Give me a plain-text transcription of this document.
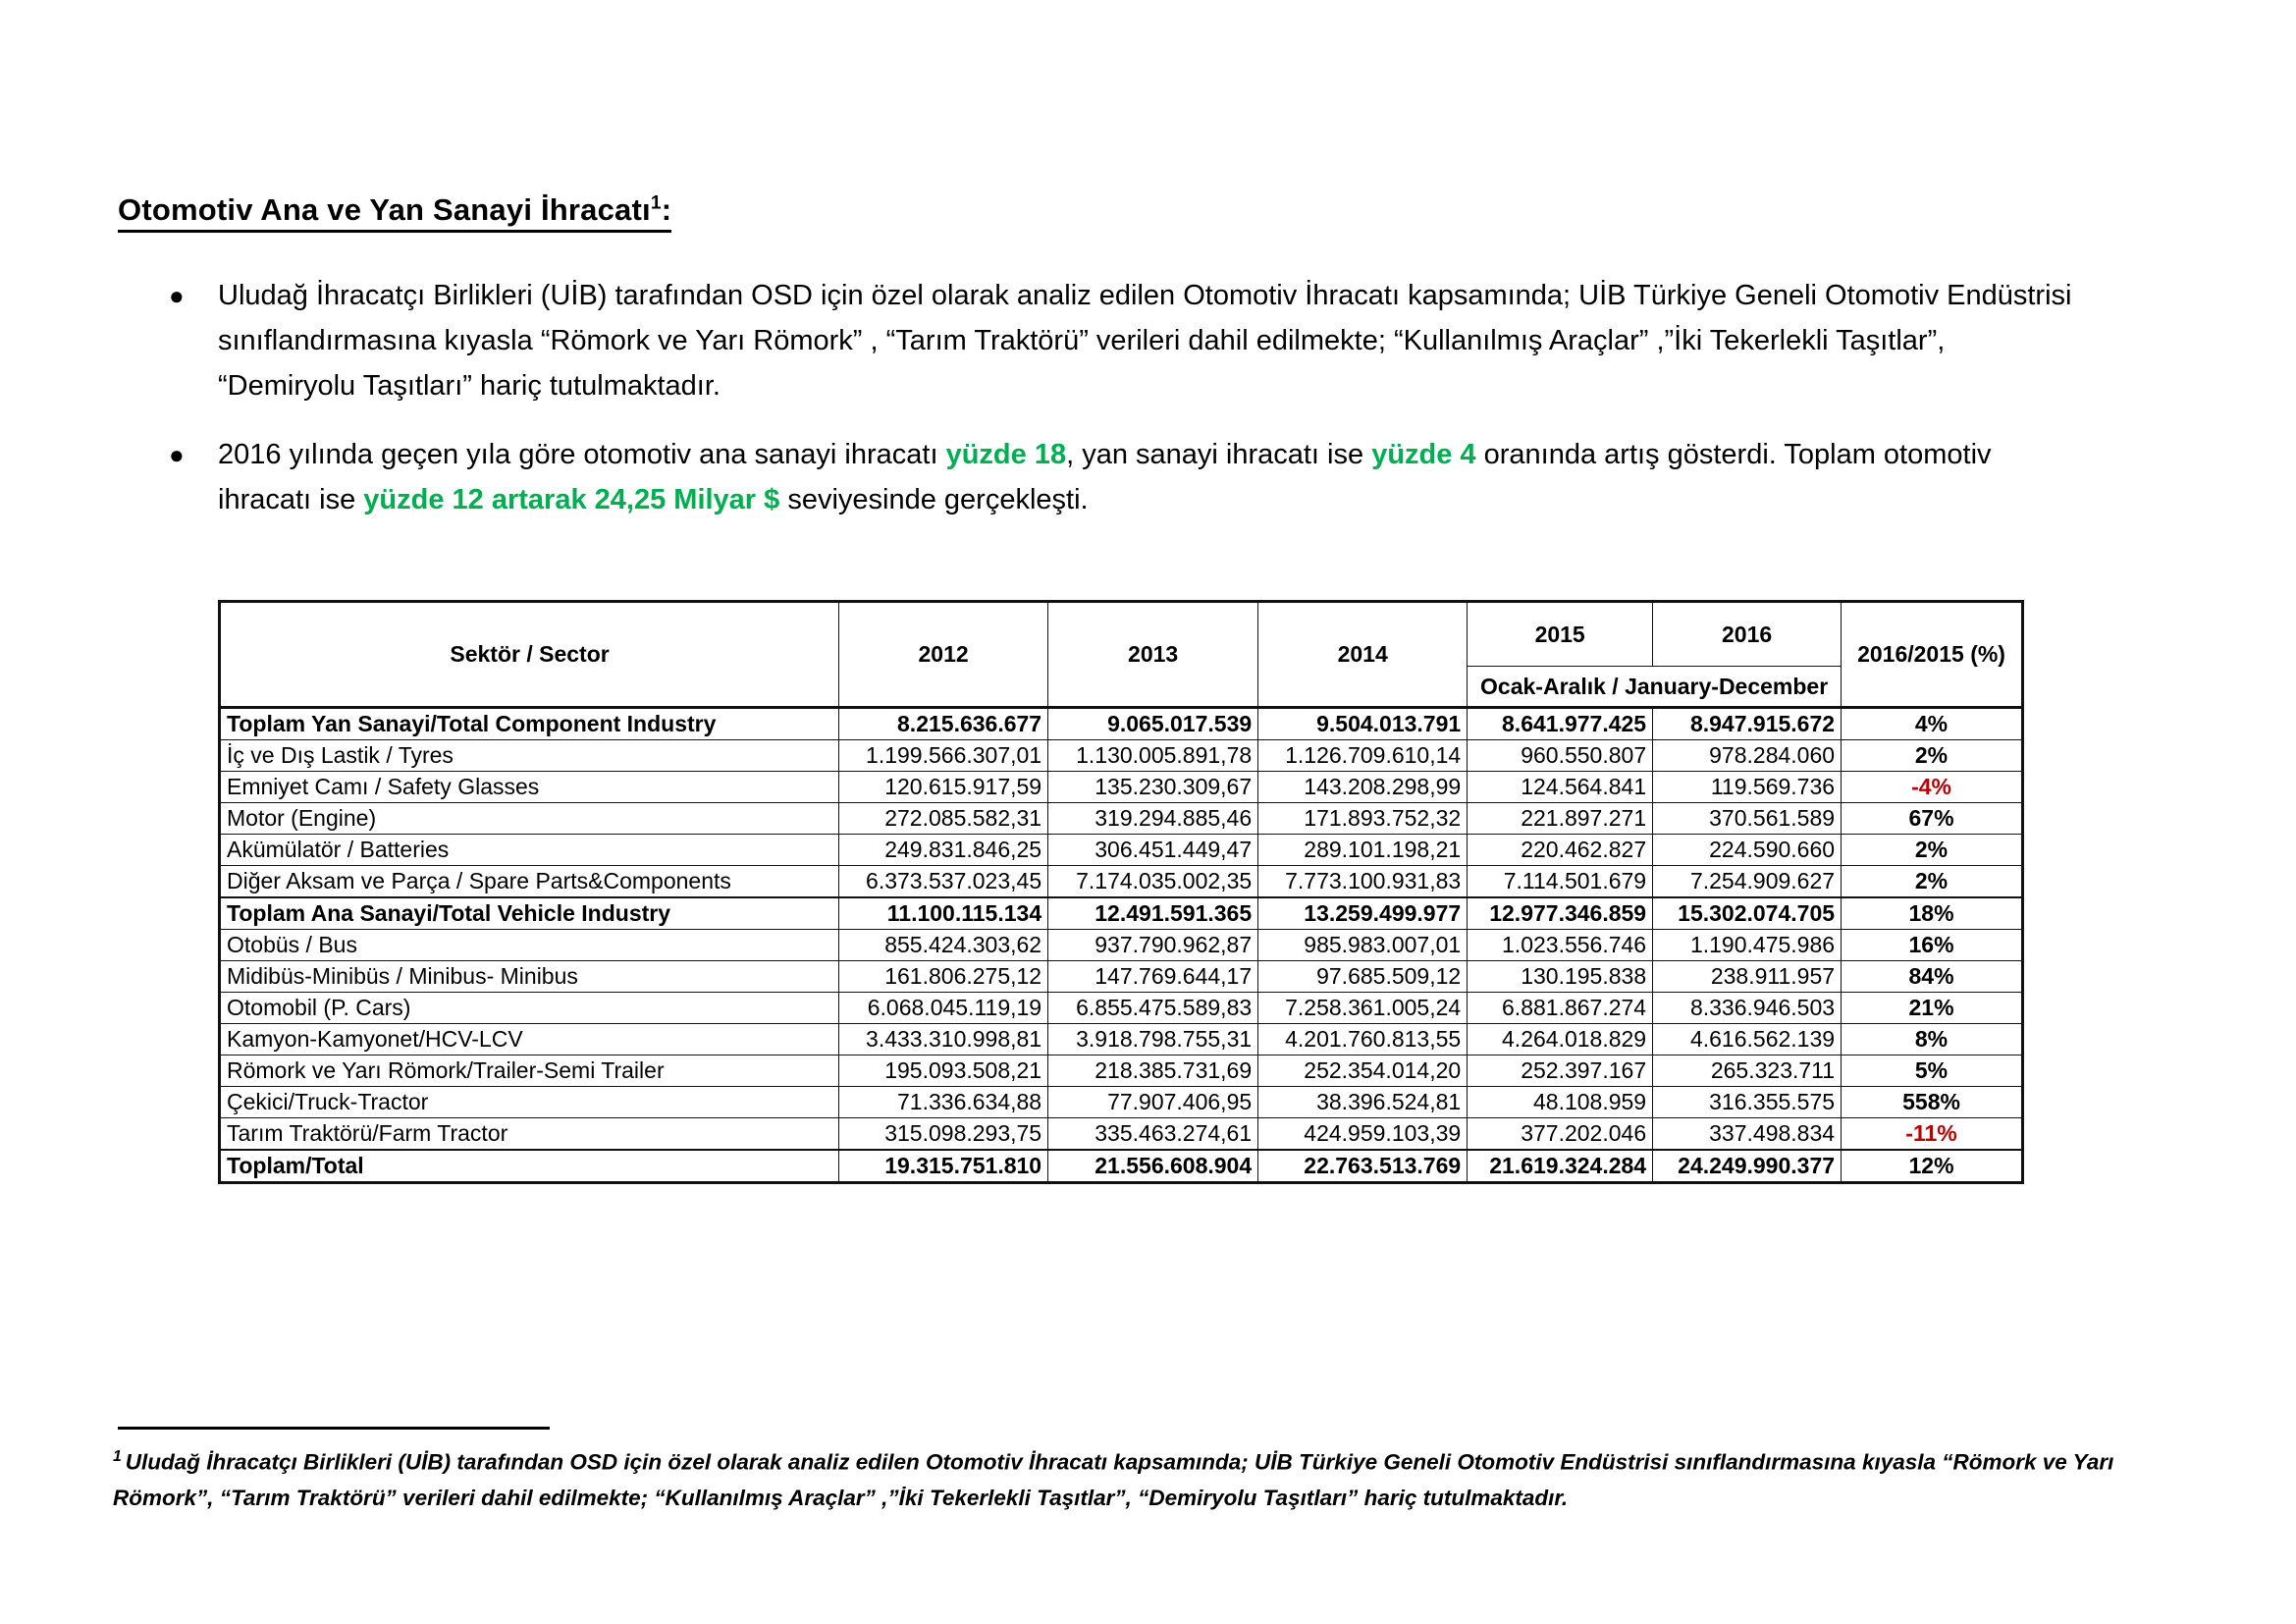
Otomotiv Ana ve Yan Sanayi İhracatı$^1$:
● Uludağ İhracatçı Birlikleri (UİB) tarafından OSD için özel olarak analiz edilen Otomotiv İhracatı kapsamında; UİB Türkiye Geneli Otomotiv Endüstrisi sınıflandırmasına kıyasla “Römork ve Yarı Römork” , “Tarım Traktörü” verileri dahil edilmekte; “Kullanılmış Araçlar” ,”İki Tekerlekli Taşıtlar”, “Demiryolu Taşıtları” hariç tutulmaktadır.
● 2016 yılında geçen yıla göre otomotiv ana sanayi ihracatı yüzde 18, yan sanayi ihracatı ise yüzde 4 oranında artış gösterdi. Toplam otomotiv ihracatı ise yüzde 12 artarak 24,25 Milyar $ seviyesinde gerçekleşti.
Sektör / Sector	2012	2013	2014	2015	2016	2016/2015 (%)
				Ocak-Aralık / January-December		
Toplam Yan Sanayi/Total Component Industry	8.215.636.677	9.065.017.539	9.504.013.791	8.641.977.425	8.947.915.672	4%
İç ve Dış Lastik / Tyres	1.199.566.307,01	1.130.005.891,78	1.126.709.610,14	960.550.807	978.284.060	2%
Emniyet Camı / Safety Glasses	120.615.917,59	135.230.309,67	143.208.298,99	124.564.841	119.569.736	-4%
Motor (Engine)	272.085.582,31	319.294.885,46	171.893.752,32	221.897.271	370.561.589	67%
Akümülatör / Batteries	249.831.846,25	306.451.449,47	289.101.198,21	220.462.827	224.590.660	2%
Diğer Aksam ve Parça / Spare Parts&Components	6.373.537.023,45	7.174.035.002,35	7.773.100.931,83	7.114.501.679	7.254.909.627	2%
Toplam Ana Sanayi/Total Vehicle Industry	11.100.115.134	12.491.591.365	13.259.499.977	12.977.346.859	15.302.074.705	18%
Otobüs / Bus	855.424.303,62	937.790.962,87	985.983.007,01	1.023.556.746	1.190.475.986	16%
Midibüs-Minibüs / Minibus- Minibus	161.806.275,12	147.769.644,17	97.685.509,12	130.195.838	238.911.957	84%
Otomobil (P. Cars)	6.068.045.119,19	6.855.475.589,83	7.258.361.005,24	6.881.867.274	8.336.946.503	21%
Kamyon-Kamyonet/HCV-LCV	3.433.310.998,81	3.918.798.755,31	4.201.760.813,55	4.264.018.829	4.616.562.139	8%
Römork ve Yarı Römork/Trailer-Semi Trailer	195.093.508,21	218.385.731,69	252.354.014,20	252.397.167	265.323.711	5%
Çekici/Truck-Tractor	71.336.634,88	77.907.406,95	38.396.524,81	48.108.959	316.355.575	558%
Tarım Traktörü/Farm Tractor	315.098.293,75	335.463.274,61	424.959.103,39	377.202.046	337.498.834	-11%
Toplam/Total	19.315.751.810	21.556.608.904	22.763.513.769	21.619.324.284	24.249.990.377	12%

$^1$ Uludağ İhracatçı Birlikleri (UİB) tarafından OSD için özel olarak analiz edilen Otomotiv İhracatı kapsamında; UİB Türkiye Geneli Otomotiv Endüstrisi sınıflandırmasına kıyasla “Römork ve Yarı Römork”, “Tarım Traktörü” verileri dahil edilmekte; “Kullanılmış Araçlar” ,”İki Tekerlekli Taşıtlar”, “Demiryolu Taşıtları” hariç tutulmaktadır.
